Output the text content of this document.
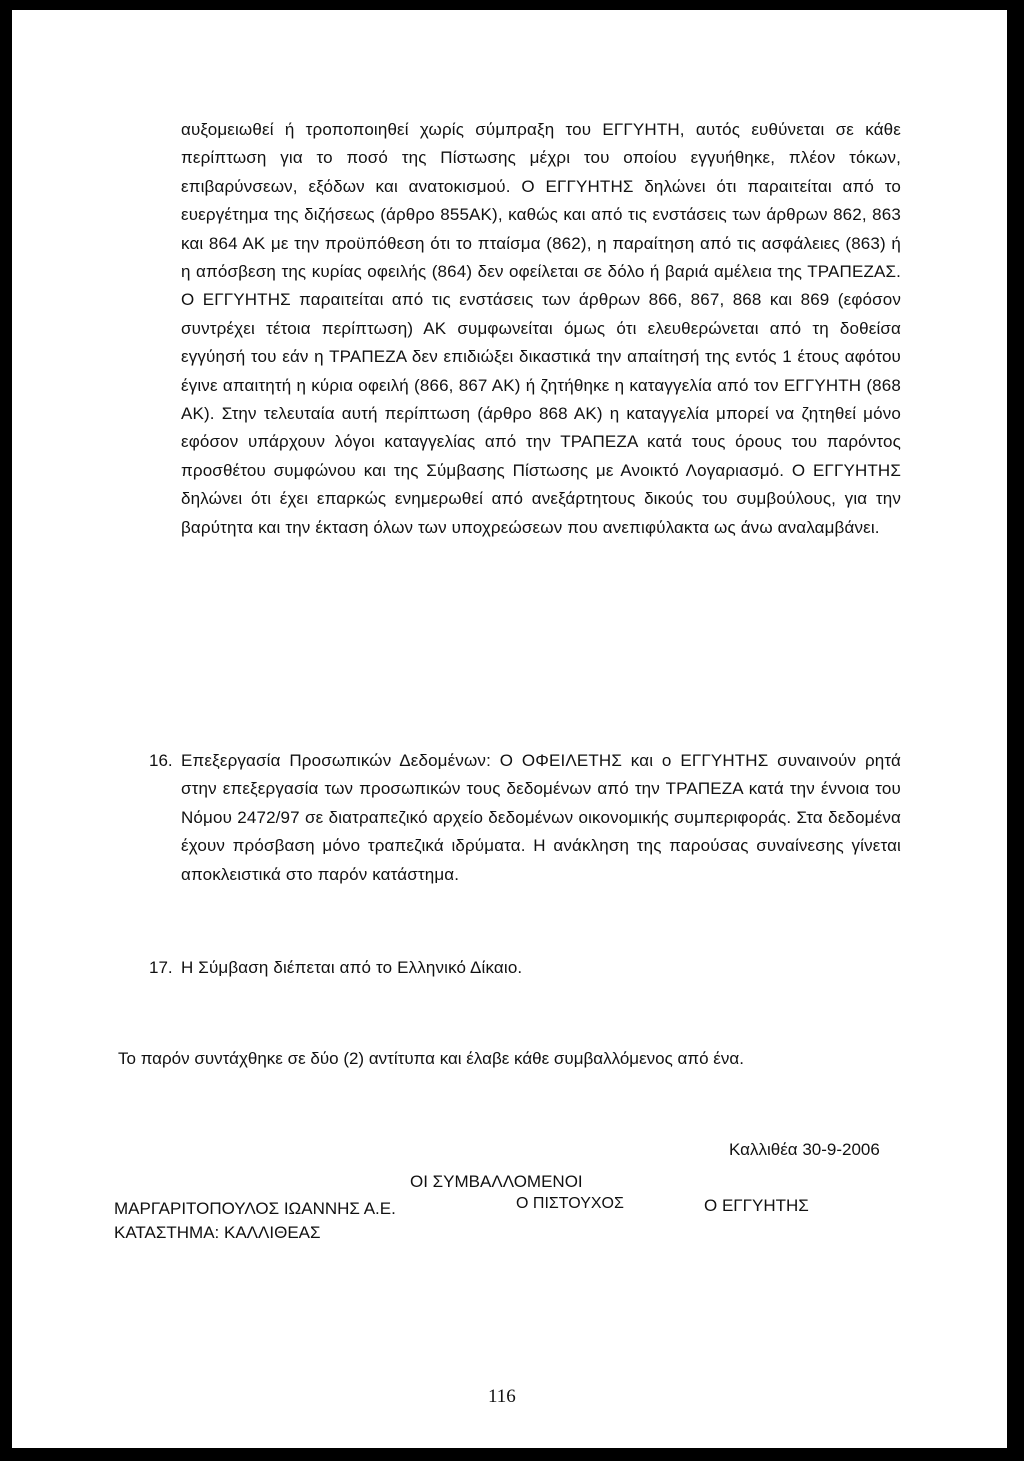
αυξομειωθεί ή τροποποιηθεί χωρίς σύμπραξη του ΕΓΓΥΗΤΗ, αυτός ευθύνεται σε κάθε περίπτωση για το ποσό της Πίστωσης μέχρι του οποίου εγγυήθηκε, πλέον τόκων, επιβαρύνσεων, εξόδων και ανατοκισμού. Ο ΕΓΓΥΗΤΗΣ δηλώνει ότι παραιτείται από το ευεργέτημα της διζήσεως (άρθρο 855ΑΚ), καθώς και από τις ενστάσεις των άρθρων 862, 863 και 864 ΑΚ με την προϋπόθεση ότι το πταίσμα (862), η παραίτηση από τις ασφάλειες (863) ή η απόσβεση της κυρίας οφειλής (864) δεν οφείλεται σε δόλο ή βαριά αμέλεια της ΤΡΑΠΕΖΑΣ. Ο ΕΓΓΥΗΤΗΣ παραιτείται από τις ενστάσεις των άρθρων 866, 867, 868 και 869 (εφόσον συντρέχει τέτοια περίπτωση) ΑΚ συμφωνείται όμως ότι ελευθερώνεται από τη δοθείσα εγγύησή του εάν η ΤΡΑΠΕΖΑ δεν επιδιώξει δικαστικά την απαίτησή της εντός 1 έτους αφότου έγινε απαιτητή η κύρια οφειλή (866, 867 ΑΚ) ή ζητήθηκε η καταγγελία από τον ΕΓΓΥΗΤΗ (868 ΑΚ). Στην τελευταία αυτή περίπτωση (άρθρο 868 ΑΚ) η καταγγελία μπορεί να ζητηθεί μόνο εφόσον υπάρχουν λόγοι καταγγελίας από την ΤΡΑΠΕΖΑ κατά τους όρους του παρόντος προσθέτου συμφώνου και της Σύμβασης Πίστωσης με Ανοικτό Λογαριασμό. Ο ΕΓΓΥΗΤΗΣ δηλώνει ότι έχει επαρκώς ενημερωθεί από ανεξάρτητους δικούς του συμβούλους, για την βαρύτητα και την έκταση όλων των υποχρεώσεων που ανεπιφύλακτα ως άνω αναλαμβάνει.

16. Επεξεργασία Προσωπικών Δεδομένων: Ο ΟΦΕΙΛΕΤΗΣ και ο ΕΓΓΥΗΤΗΣ συναινούν ρητά στην επεξεργασία των προσωπικών τους δεδομένων από την ΤΡΑΠΕΖΑ κατά την έννοια του Νόμου 2472/97 σε διατραπεζικό αρχείο δεδομένων οικονομικής συμπεριφοράς. Στα δεδομένα έχουν πρόσβαση μόνο τραπεζικά ιδρύματα. Η ανάκληση της παρούσας συναίνεσης γίνεται αποκλειστικά στο παρόν κατάστημα.

17. Η Σύμβαση διέπεται από το Ελληνικό Δίκαιο.

Το παρόν συντάχθηκε σε δύο (2) αντίτυπα και έλαβε κάθε συμβαλλόμενος από ένα.

Καλλιθέα 30-9-2006

ΟΙ ΣΥΜΒΑΛΛΟΜΕΝΟΙ

ΜΑΡΓΑΡΙΤΟΠΟΥΛΟΣ ΙΩΑΝΝΗΣ Α.Ε.

ΚΑΤΑΣΤΗΜΑ: ΚΑΛΛΙΘΕΑΣ

Ο ΠΙΣΤΟΥΧΟΣ	Ο ΕΓΓΥΗΤΗΣ

116
